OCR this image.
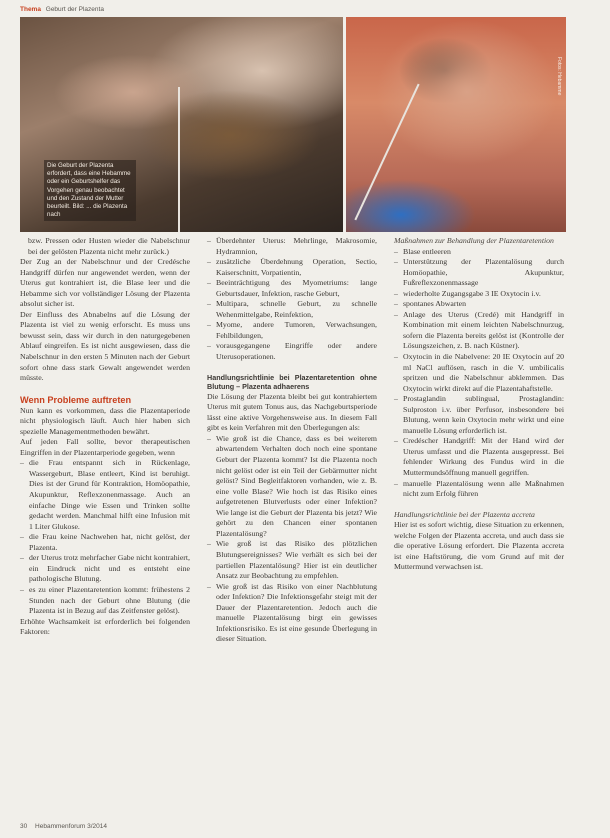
Thema Geburt der Plazenta
Die Geburt der Plazenta erfordert, dass eine Hebamme oder ein Geburtshelfer das Vorgehen genau beobachtet und den Zustand der Mutter beurteilt. Bild: ... die Plazenta nach
Fotos: Hebamme

bzw. Pressen oder Husten wieder die Nabelschnur bei der gelösten Plazenta nicht mehr zurück.)

Der Zug an der Nabelschnur und der Credésche Handgriff dürfen nur angewendet werden, wenn der Uterus gut kontrahiert ist, die Blase leer und die Hebamme sich vor vollständiger Lösung der Plazenta absolut sicher ist.

Der Einfluss des Abnabelns auf die Lösung der Plazenta ist viel zu wenig erforscht. Es muss uns bewusst sein, dass wir durch in den naturgegebenen Ablauf eingreifen. Es ist nicht ausgewiesen, dass die Nabelschnur in den ersten 5 Minuten nach der Geburt sofort ohne dass stark Gewalt angewendet werden müsste.

Wenn Probleme auftreten

Nun kann es vorkommen, dass die Plazentaperiode nicht physiologisch läuft. Auch hier haben sich spezielle Managementmethoden bewährt.

Auf jeden Fall sollte, bevor therapeutischen Eingriffen in der Plazentarperiode gegeben, wenn

– die Frau entspannt sich in Rückenlage, Wassergeburt, Blase entleert, Kind ist beruhigt. Dies ist der Grund für Kontraktion, Homöopathie, Akupunktur, Reflexzonenmassage. Auch an einfache Dinge wie Essen und Trinken sollte gedacht werden. Manchmal hilft eine Infusion mit 1 Liter Glukose.
– die Frau keine Nachwehen hat, nicht gelöst, der Plazenta.
– der Uterus trotz mehrfacher Gabe nicht kontrahiert, ein Eindruck nicht und es entsteht eine pathologische Blutung.
– es zu einer Plazentaretention kommt: frühestens 2 Stunden nach der Geburt ohne Blutung (die Plazenta ist in Bezug auf das Zeitfenster gelöst).

Erhöhte Wachsamkeit ist erforderlich bei folgenden Faktoren:

– Überdehnter Uterus: Mehrlinge, Makrosomie, Hydramnion,
– zusätzliche Überdehnung Operation, Sectio, Kaiserschnitt, Vorpatientin,
– Beeinträchtigung des Myometriums: lange Geburtsdauer, Infektion, rasche Geburt,
– Multipara, schnelle Geburt, zu schnelle Wehenmittelgabe, Reinfektion,
– Myome, andere Tumoren, Verwachsungen, Fehlbildungen,
– vorausgegangene Eingriffe oder andere Uterusoperationen.
Handlungsrichtlinie bei Plazentaretention ohne Blutung – Plazenta adhaerens

Die Lösung der Plazenta bleibt bei gut kontrahiertem Uterus mit gutem Tonus aus, das Nachgeburtsperiode lässt eine aktive Vorgehensweise aus. In diesem Fall gibt es kein Verfahren mit den Überlegungen als:

– Wie groß ist die Chance, dass es bei weiterem abwartendem Verhalten doch noch eine spontane Geburt der Plazenta kommt? Ist die Plazenta noch nicht gelöst oder ist ein Teil der Gebärmutter nicht gelöst? Sind Begleitfaktoren vorhanden, wie z. B. eine volle Blase? Wie hoch ist das Risiko eines aufgetretenen Blutverlusts oder einer Infektion? Wie lange ist die Geburt der Plazenta bis jetzt? Wie gehört zu den Chancen einer spontanen Plazentalösung?
– Wie groß ist das Risiko des plötzlichen Blutungsereignisses? Wie verhält es sich bei der partiellen Plazentalösung? Hier ist ein deutlicher Ansatz zur Beobachtung zu empfehlen.
– Wie groß ist das Risiko von einer Nachblutung oder Infektion? Die Infektionsgefahr steigt mit der Dauer der Plazentaretention. Jedoch auch die manuelle Plazentalösung birgt ein gewisses Infektionsrisiko. Es ist eine gesunde Überlegung in dieser Situation.

Maßnahmen zur Behandlung der Plazentaretention

– Blase entleeren
– Unterstützung der Plazentalösung durch Homöopathie, Akupunktur, Fußreflexzonenmassage
– wiederholte Zugangsgabe 3 IE Oxytocin i.v.
– spontanes Abwarten
– Anlage des Uterus (Credé) mit Handgriff in Kombination mit einem leichten Nabelschnurzug, sofern die Plazenta bereits gelöst ist (Kontrolle der Lösungszeichen, z. B. nach Küstner).
– Oxytocin in die Nabelvene: 20 IE Oxytocin auf 20 ml NaCl auflösen, rasch in die V. umbilicalis spritzen und die Nabelschnur abklemmen. Das Oxytocin wirkt direkt auf die Plazentahaftstelle.
– Prostaglandin sublingual, Prostaglandin: Sulproston i.v. über Perfusor, insbesondere bei Blutung, wenn kein Oxytocin mehr wirkt und eine manuelle Lösung erforderlich ist.
– Credéscher Handgriff: Mit der Hand wird der Uterus umfasst und die Plazenta ausgepresst. Bei fehlender Wirkung des Fundus wird in die Muttermundsöffnung manuell gegriffen.
– manuelle Plazentalösung wenn alle Maßnahmen nicht zum Erfolg führen

Handlungsrichtlinie bei der Plazenta accreta

Hier ist es sofort wichtig, diese Situation zu erkennen, welche Folgen der Plazenta accreta, und auch dass sie die operative Lösung erfordert. Die Plazenta accreta ist eine Haftstörung, die vom Grund auf mit der Muttermund verwachsen ist.

30 Hebammenforum 3/2014
